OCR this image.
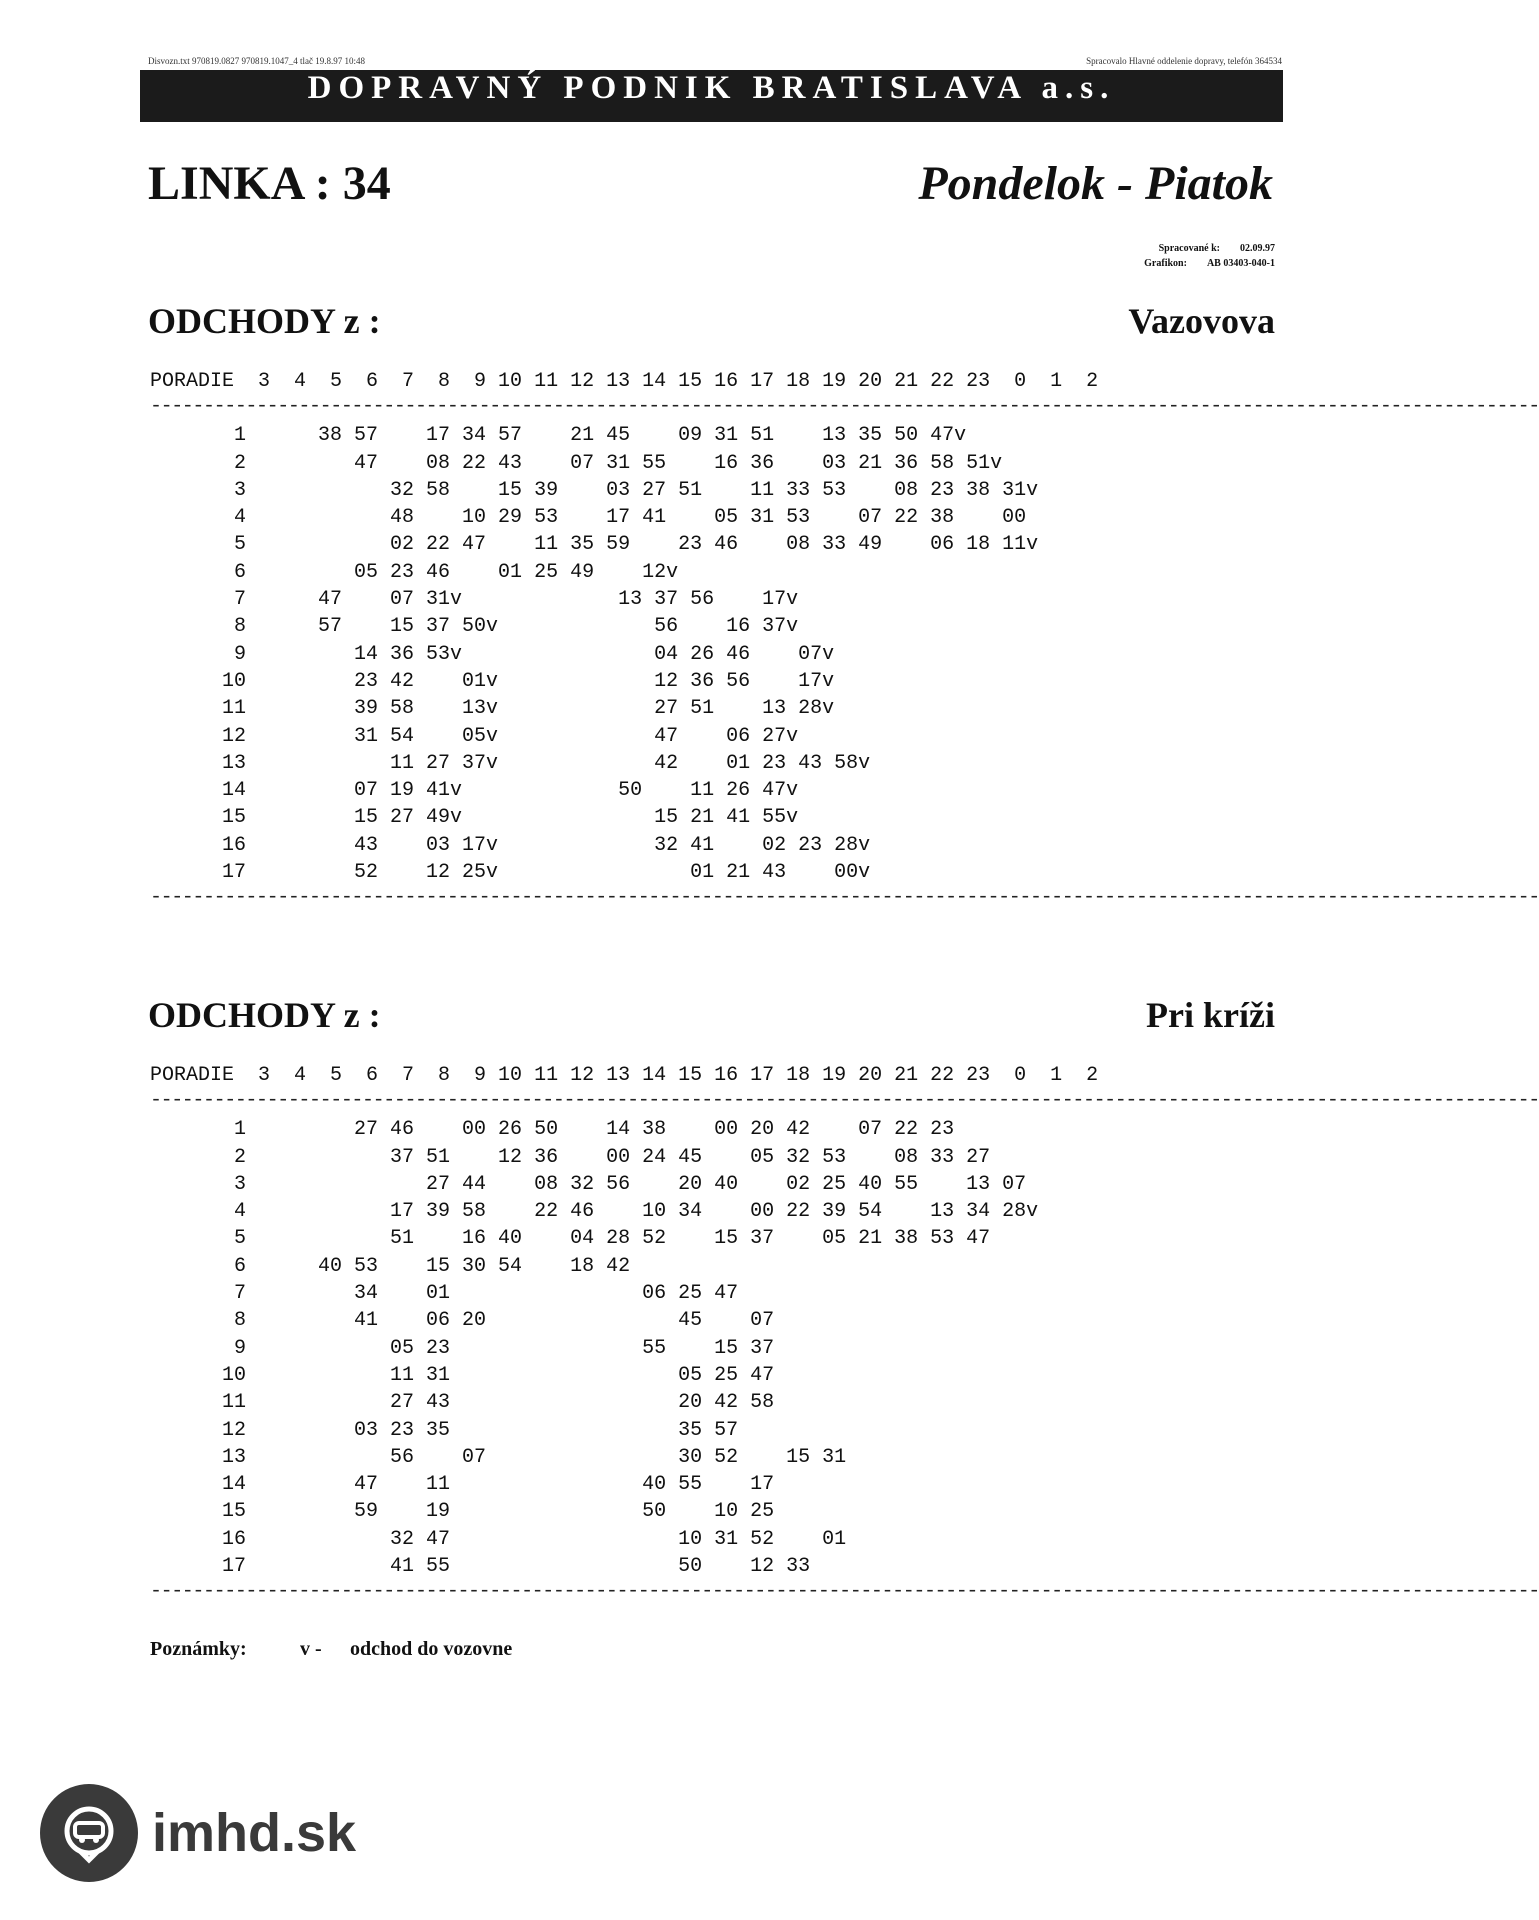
Disvozn.txt 970819.0827 970819.1047_4 tlač 19.8.97 10:48	Spracovalo Hlavné oddelenie dopravy, telefón 364534
DOPRAVNÝ PODNIK BRATISLAVA a.s.
LINKA : 34	Pondelok - Piatok
Spracované k: 02.09.97
Grafikon: AB 03403-040-1
ODCHODY z :	Vazovova
PORADIE  3  4  5  6  7  8  9 10 11 12 13 14 15 16 17 18 19 20 21 22 23  0  1  2
-----------------------------------------------------------------------------------------------------------------------------------
1      38 57    17 34 57    21 45    09 31 51    13 35 50 47v
2         47    08 22 43    07 31 55    16 36    03 21 36 58 51v
3            32 58    15 39    03 27 51    11 33 53    08 23 38 31v
4            48    10 29 53    17 41    05 31 53    07 22 38    00
5            02 22 47    11 35 59    23 46    08 33 49    06 18 11v
6         05 23 46    01 25 49    12v
7      47    07 31v             13 37 56    17v
8      57    15 37 50v             56    16 37v
9         14 36 53v                04 26 46    07v
10         23 42    01v             12 36 56    17v
11         39 58    13v             27 51    13 28v
12         31 54    05v             47    06 27v
13            11 27 37v             42    01 23 43 58v
14         07 19 41v             50    11 26 47v
15         15 27 49v                15 21 41 55v
16         43    03 17v             32 41    02 23 28v
17         52    12 25v                01 21 43    00v
-----------------------------------------------------------------------------------------------------------------------------------
ODCHODY z :	Pri kríži
PORADIE  3  4  5  6  7  8  9 10 11 12 13 14 15 16 17 18 19 20 21 22 23  0  1  2
-----------------------------------------------------------------------------------------------------------------------------------
1         27 46    00 26 50    14 38    00 20 42    07 22 23
2            37 51    12 36    00 24 45    05 32 53    08 33 27
3               27 44    08 32 56    20 40    02 25 40 55    13 07
4            17 39 58    22 46    10 34    00 22 39 54    13 34 28v
5            51    16 40    04 28 52    15 37    05 21 38 53 47
6      40 53    15 30 54    18 42
7         34    01                06 25 47
8         41    06 20                45    07
9            05 23                55    15 37
10            11 31                   05 25 47
11            27 43                   20 42 58
12         03 23 35                   35 57
13            56    07                30 52    15 31
14         47    11                40 55    17
15         59    19                50    10 25
16            32 47                   10 31 52    01
17            41 55                   50    12 33
-----------------------------------------------------------------------------------------------------------------------------------
Poznámky:	v -	odchod do vozovne
imhd.sk
